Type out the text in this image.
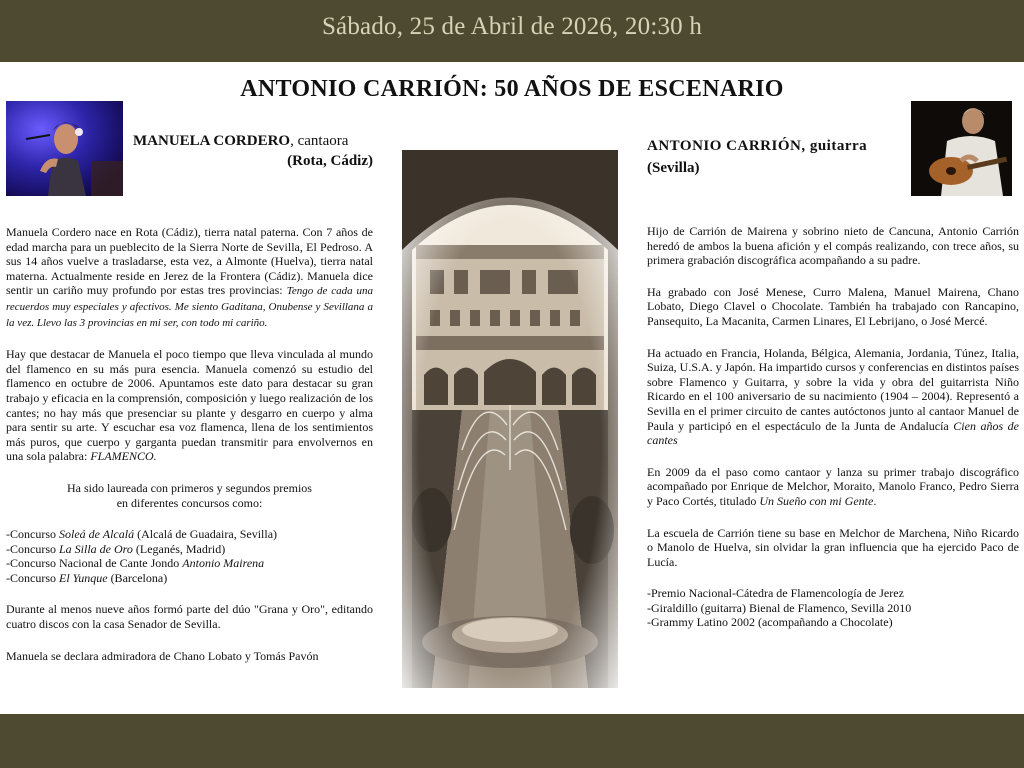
Sábado, 25 de Abril de 2026, 20:30 h
ANTONIO CARRIÓN: 50 AÑOS DE ESCENARIO
MANUELA CORDERO, cantaora
(Rota, Cádiz)
ANTONIO CARRIÓN, guitarra
(Sevilla)

Manuela Cordero nace en Rota (Cádiz), tierra natal paterna. Con 7 años de edad marcha para un pueblecito de la Sierra Norte de Sevilla, El Pedroso. A sus 14 años vuelve a trasladarse, esta vez, a Almonte (Huelva), tierra natal materna. Actualmente reside en Jerez de la Frontera (Cádiz). Manuela dice sentir un cariño muy profundo por estas tres provincias: Tengo de cada una recuerdos muy especiales y afectivos. Me siento Gaditana, Onubense y Sevillana a la vez. Llevo las 3 provincias en mi ser, con todo mi cariño.

Hay que destacar de Manuela el poco tiempo que lleva vinculada al mundo del flamenco en su más pura esencia. Manuela comenzó su estudio del flamenco en octubre de 2006. Apuntamos este dato para destacar su gran trabajo y eficacia en la comprensión, composición y luego realización de los cantes; no hay más que presenciar su plante y desgarro en cuerpo y alma para sentir su arte. Y escuchar esa voz flamenca, llena de los sentimientos más puros, que cuerpo y garganta puedan transmitir para envolvernos en una sola palabra: FLAMENCO.

Ha sido laureada con primeros y segundos premios
en diferentes concursos como:

-Concurso Soleá de Alcalá (Alcalá de Guadaira, Sevilla)
-Concurso La Silla de Oro (Leganés, Madrid)
-Concurso Nacional de Cante Jondo Antonio Mairena
-Concurso El Yunque (Barcelona)

Durante al menos nueve años formó parte del dúo "Grana y Oro", editando cuatro discos con la casa Senador de Sevilla.

Manuela se declara admiradora de Chano Lobato y Tomás Pavón

Hijo de Carrión de Mairena y sobrino nieto de Cancuna, Antonio Carrión heredó de ambos la buena afición y el compás realizando, con trece años, su primera grabación discográfica acompañando a su padre.

Ha grabado con José Menese, Curro Malena, Manuel Mairena, Chano Lobato, Diego Clavel o Chocolate. También ha trabajado con Rancapino, Pansequito, La Macanita, Carmen Linares, El Lebrijano, o José Mercé.

Ha actuado en Francia, Holanda, Bélgica, Alemania, Jordania, Túnez, Italia, Suiza, U.S.A. y Japón. Ha impartido cursos y conferencias en distintos países sobre Flamenco y Guitarra, y sobre la vida y obra del guitarrista Niño Ricardo en el 100 aniversario de su nacimiento (1904 – 2004). Representó a Sevilla en el primer circuito de cantes autóctonos junto al cantaor Manuel de Paula y participó en el espectáculo de la Junta de Andalucía Cien años de cantes

En 2009 da el paso como cantaor y lanza su primer trabajo discográfico acompañado por Enrique de Melchor, Moraito, Manolo Franco, Pedro Sierra y Paco Cortés, titulado Un Sueño con mi Gente.

La escuela de Carrión tiene su base en Melchor de Marchena, Niño Ricardo o Manolo de Huelva, sin olvidar la gran influencia que ha ejercido Paco de Lucía.

-Premio Nacional-Cátedra de Flamencología de Jerez
-Giraldillo (guitarra) Bienal de Flamenco, Sevilla 2010
-Grammy Latino 2002 (acompañando a Chocolate)
